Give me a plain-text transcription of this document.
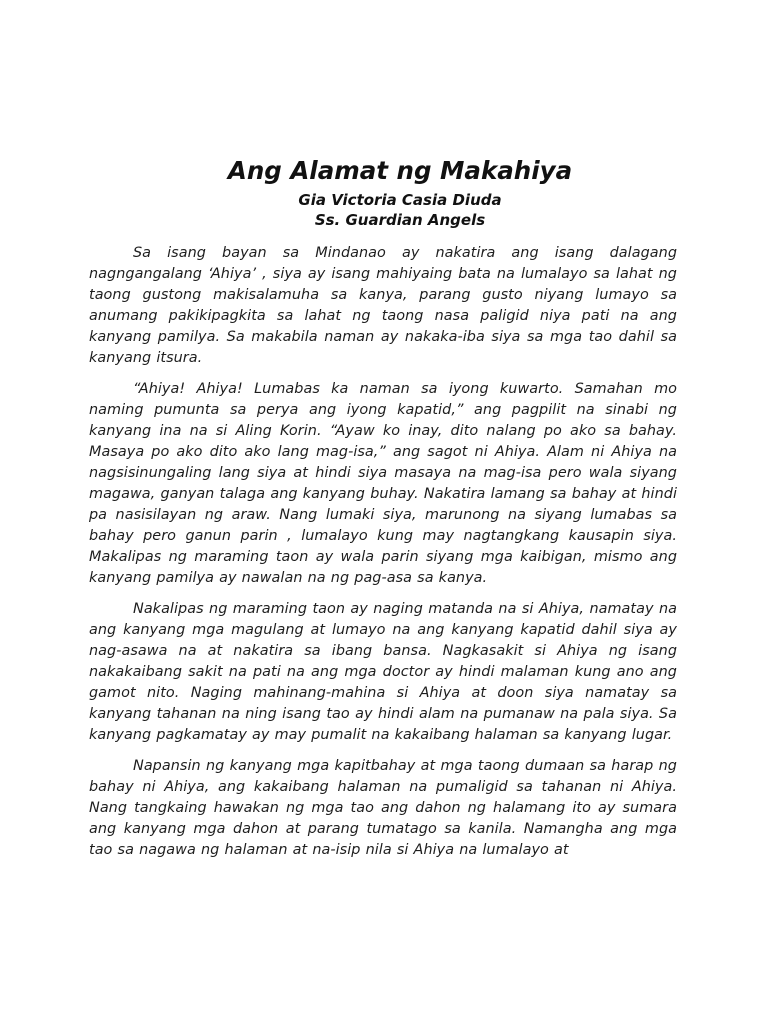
Ang Alamat ng Makahiya
Gia Victoria Casia Diuda
Ss. Guardian Angels

Sa isang bayan sa Mindanao ay nakatira ang isang dalagang nagngangalang ‘Ahiya’ , siya ay isang mahiyaing bata na lumalayo sa lahat ng taong gustong makisalamuha sa kanya, parang gusto niyang lumayo sa anumang pakikipagkita sa lahat ng taong nasa paligid niya pati na ang kanyang pamilya. Sa makabila naman ay nakaka-iba siya sa mga tao dahil sa kanyang itsura.

“Ahiya! Ahiya! Lumabas ka naman sa iyong kuwarto. Samahan mo naming pumunta sa perya ang iyong kapatid,” ang pagpilit na sinabi ng kanyang ina na si Aling Korin. “Ayaw ko inay, dito nalang po ako sa bahay. Masaya po ako dito ako lang mag-isa,” ang sagot ni Ahiya. Alam ni Ahiya na nagsisinungaling lang siya at hindi siya masaya na mag-isa pero wala siyang magawa, ganyan talaga ang kanyang buhay. Nakatira lamang sa bahay at hindi pa nasisilayan ng araw. Nang lumaki siya, marunong na siyang lumabas sa bahay pero ganun parin , lumalayo kung may nagtangkang kausapin siya. Makalipas ng maraming taon ay wala parin siyang mga kaibigan, mismo ang kanyang pamilya ay nawalan na ng pag-asa sa kanya.

Nakalipas ng maraming taon ay naging matanda na si Ahiya, namatay na ang kanyang mga magulang at lumayo na ang kanyang kapatid dahil siya ay nag-asawa na at nakatira sa ibang bansa. Nagkasakit si Ahiya ng isang nakakaibang sakit na pati na ang mga doctor ay hindi malaman kung ano ang gamot nito. Naging mahinang-mahina si Ahiya at doon siya namatay sa kanyang tahanan na ning isang tao ay hindi alam na pumanaw na pala siya. Sa kanyang pagkamatay ay may pumalit na kakaibang halaman sa kanyang lugar.

Napansin ng kanyang mga kapitbahay at mga taong dumaan sa harap ng bahay ni Ahiya, ang kakaibang halaman na pumaligid sa tahanan ni Ahiya. Nang tangkaing hawakan ng mga tao ang dahon ng halamang ito ay sumara ang kanyang mga dahon at parang tumatago sa kanila. Namangha ang mga tao sa nagawa ng halaman at na-isip nila si Ahiya na lumalayo at
